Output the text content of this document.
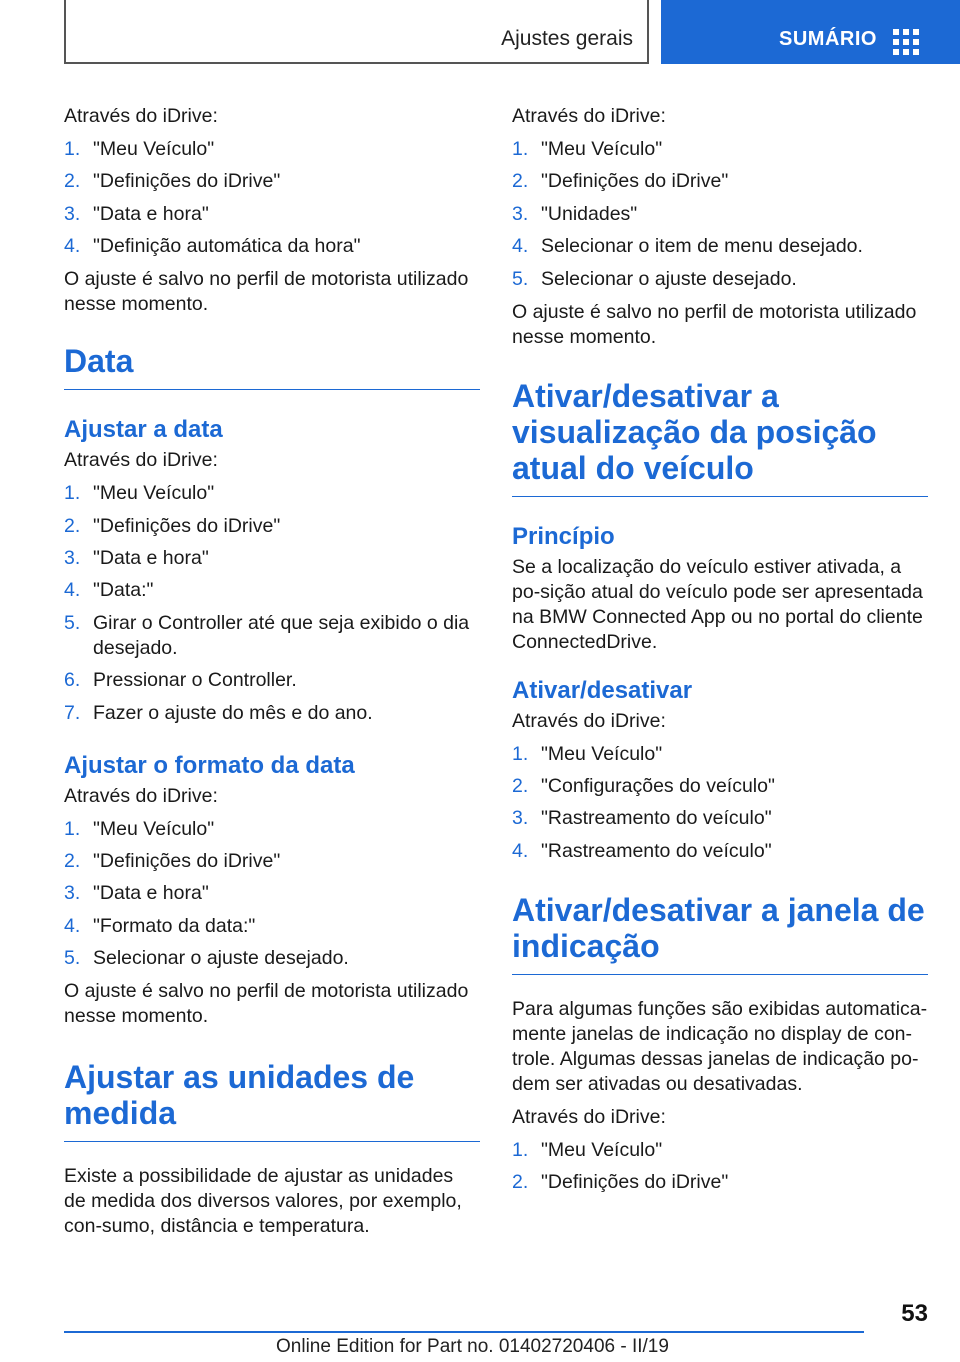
Ajustes gerais	SUMÁRIO

Através do iDrive:

1. "Meu Veículo"
2. "Definições do iDrive"
3. "Data e hora"
4. "Definição automática da hora"

O ajuste é salvo no perfil de motorista utilizado nesse momento.

Data
Ajustar a data

Através do iDrive:

1. "Meu Veículo"
2. "Definições do iDrive"
3. "Data e hora"
4. "Data:"
5. Girar o Controller até que seja exibido o dia desejado.
6. Pressionar o Controller.
7. Fazer o ajuste do mês e do ano.
Ajustar o formato da data

Através do iDrive:

1. "Meu Veículo"
2. "Definições do iDrive"
3. "Data e hora"
4. "Formato da data:"
5. Selecionar o ajuste desejado.

O ajuste é salvo no perfil de motorista utilizado nesse momento.

Ajustar as unidades de medida

Existe a possibilidade de ajustar as unidades de medida dos diversos valores, por exemplo, con-sumo, distância e temperatura.

Através do iDrive:

1. "Meu Veículo"
2. "Definições do iDrive"
3. "Unidades"
4. Selecionar o item de menu desejado.
5. Selecionar o ajuste desejado.

O ajuste é salvo no perfil de motorista utilizado nesse momento.

Ativar/desativar a visualização da posição atual do veículo
Princípio

Se a localização do veículo estiver ativada, a po-sição atual do veículo pode ser apresentada na BMW Connected App ou no portal do cliente ConnectedDrive.

Ativar/desativar

Através do iDrive:

1. "Meu Veículo"
2. "Configurações do veículo"
3. "Rastreamento do veículo"
4. "Rastreamento do veículo"
Ativar/desativar a janela de indicação

Para algumas funções são exibidas automatica-mente janelas de indicação no display de con-trole. Algumas dessas janelas de indicação po-dem ser ativadas ou desativadas.

Através do iDrive:

1. "Meu Veículo"
2. "Definições do iDrive"
53
Online Edition for Part no. 01402720406 - II/19
